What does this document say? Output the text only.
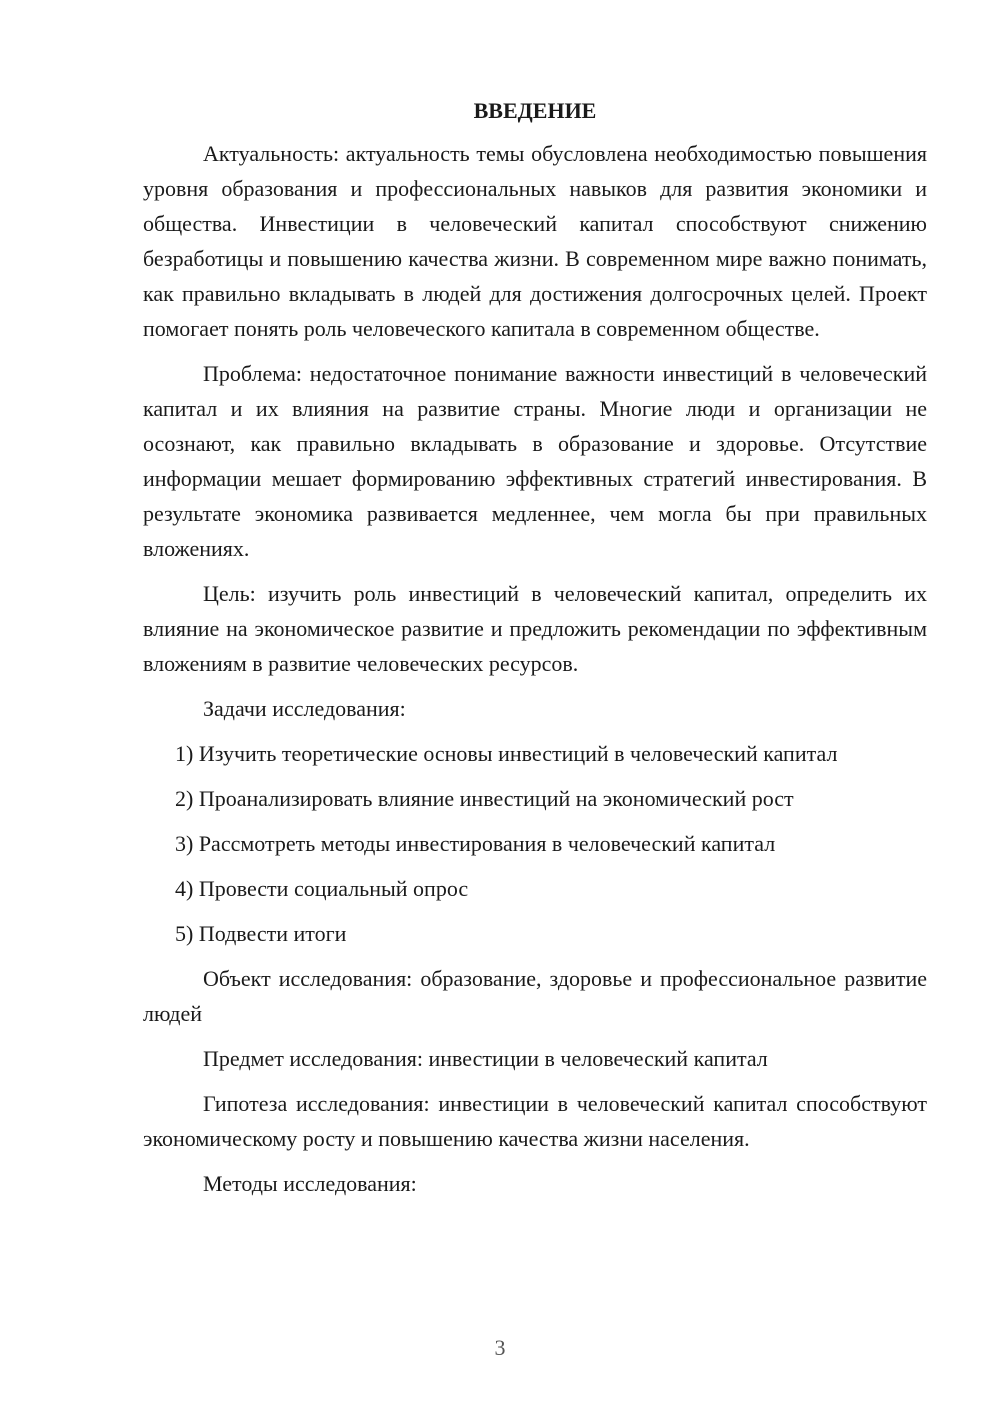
ВВЕДЕНИЕ

Актуальность: актуальность темы обусловлена необходимостью повышения уровня образования и профессиональных навыков для развития экономики и общества. Инвестиции в человеческий капитал способствуют снижению безработицы и повышению качества жизни. В современном мире важно понимать, как правильно вкладывать в людей для достижения долгосрочных целей. Проект помогает понять роль человеческого капитала в современном обществе.

Проблема: недостаточное понимание важности инвестиций в человеческий капитал и их влияния на развитие страны. Многие люди и организации не осознают, как правильно вкладывать в образование и здоровье. Отсутствие информации мешает формированию эффективных стратегий инвестирования. В результате экономика развивается медленнее, чем могла бы при правильных вложениях.

Цель: изучить роль инвестиций в человеческий капитал, определить их влияние на экономическое развитие и предложить рекомендации по эффективным вложениям в развитие человеческих ресурсов.

Задачи исследования:

1) Изучить теоретические основы инвестиций в человеческий капитал
2) Проанализировать влияние инвестиций на экономический рост
3) Рассмотреть методы инвестирования в человеческий капитал
4) Провести социальный опрос
5) Подвести итоги

Объект исследования: образование, здоровье и профессиональное развитие людей

Предмет исследования: инвестиции в человеческий капитал

Гипотеза исследования: инвестиции в человеческий капитал способствуют экономическому росту и повышению качества жизни населения.

Методы исследования:

3
